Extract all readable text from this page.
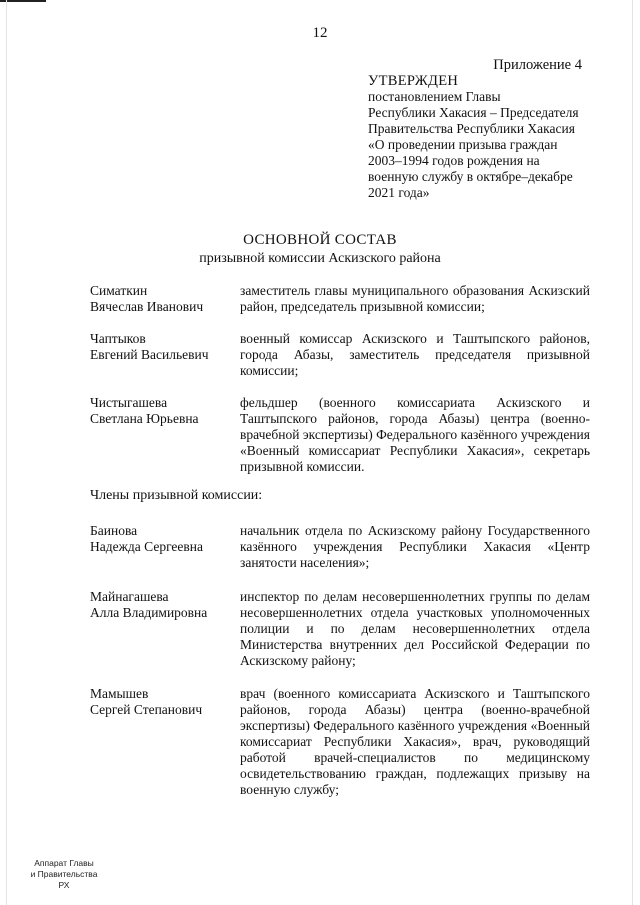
12
Приложение 4
УТВЕРЖДЕН
постановлением Главы
Республики Хакасия – Председателя
Правительства Республики Хакасия
«О проведении призыва граждан
2003–1994 годов рождения на
военную службу в октябре–декабре
2021 года»
ОСНОВНОЙ СОСТАВ
призывной комиссии Аскизского района
Симаткин
Вячеслав Иванович
заместитель главы муниципального образования Аскизский район, председатель призывной комиссии;
Чаптыков
Евгений Васильевич
военный комиссар Аскизского и Таштыпского районов, города Абазы, заместитель председателя призывной комиссии;
Чистыгашева
Светлана Юрьевна
фельдшер (военного комиссариата Аскизского и Таштыпского районов, города Абазы) центра (военно-врачебной экспертизы) Федерального казённого учреждения «Военный комиссариат Республики Хакасия», секретарь призывной комиссии.
Члены призывной комиссии:
Баинова
Надежда Сергеевна
начальник отдела по Аскизскому району Государственного казённого учреждения Республики Хакасия «Центр занятости населения»;
Майнагашева
Алла Владимировна
инспектор по делам несовершеннолетних группы по делам несовершеннолетних отдела участковых уполномоченных полиции и по делам несовершеннолетних отдела Министерства внутренних дел Российской Федерации по Аскизскому району;
Мамышев
Сергей Степанович
врач (военного комиссариата Аскизского и Таштыпского районов, города Абазы) центра (военно-врачебной экспертизы) Федерального казённого учреждения «Военный комиссариат Республики Хакасия», врач, руководящий работой врачей-специалистов по медицинскому освидетельствованию граждан, подлежащих призыву на военную службу;
Аппарат Главы
и Правительства РХ
